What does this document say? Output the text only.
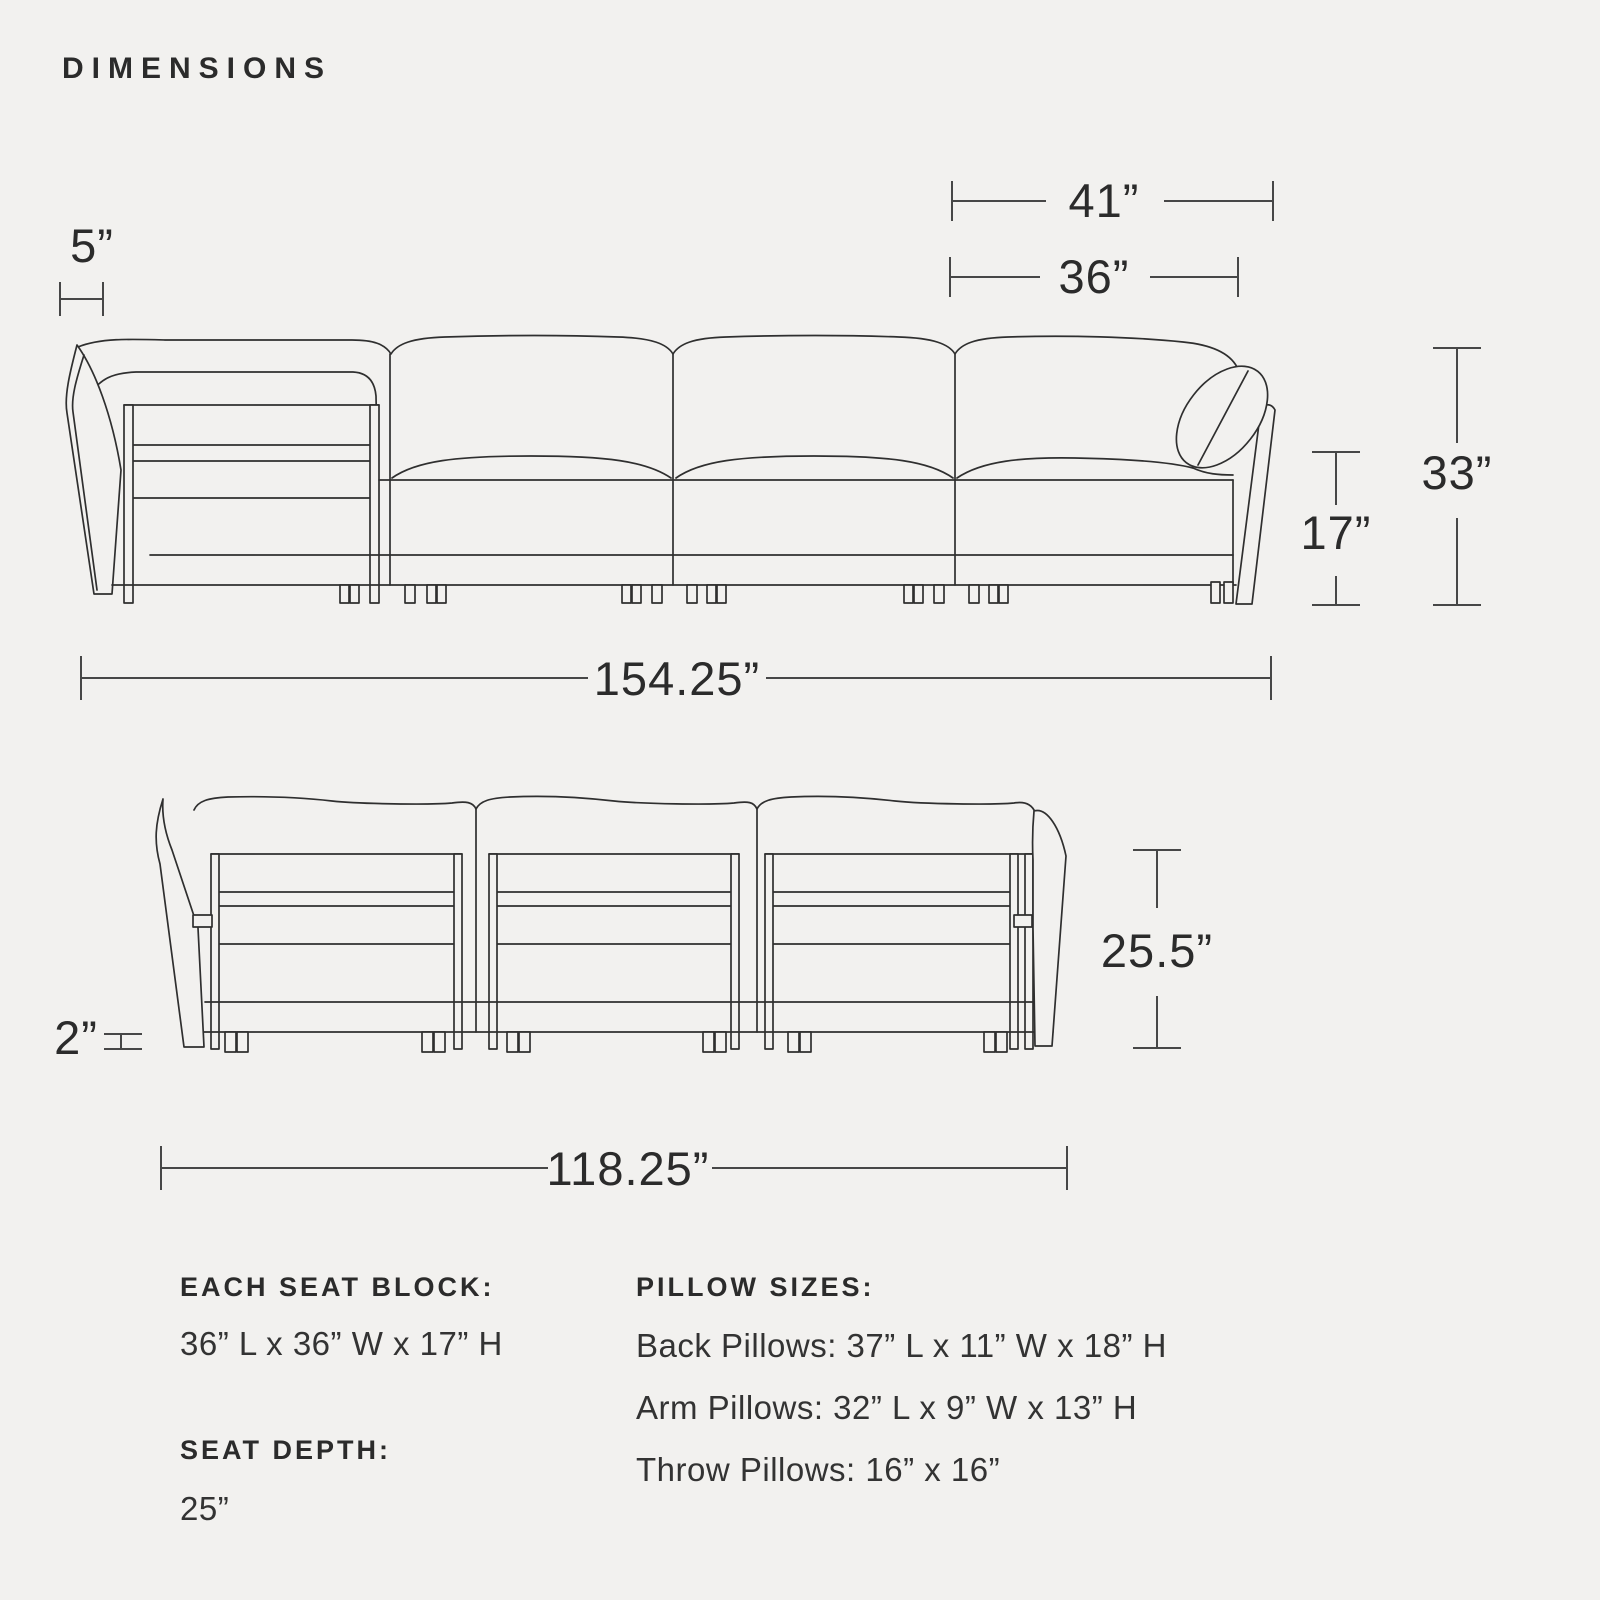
DIMENSIONS
5”
41”
36”
33”
17”
154.25”
2”
25.5”
118.25”
EACH SEAT BLOCK:
36” L x 36” W x 17” H
SEAT DEPTH:
25”
PILLOW SIZES:
Back Pillows: 37” L x 11” W x 18” H
Arm Pillows: 32” L x 9” W x 13” H
Throw Pillows: 16” x 16”
